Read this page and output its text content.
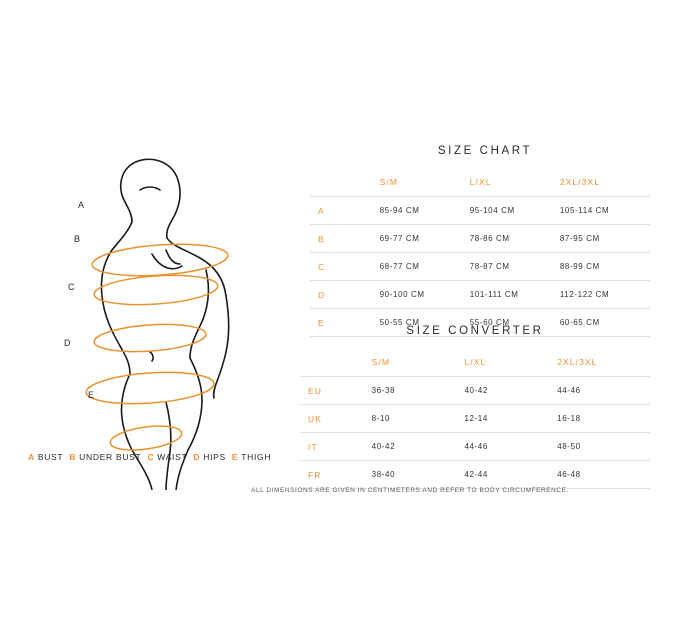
A
B
C
D
E
A BUST B UNDER BUST C WAIST D HIPS E THIGH
SIZE CHART
	S/M	L/XL	2XL/3XL
A	85-94 CM	95-104 CM	105-114 CM
B	69-77 CM	78-86 CM	87-95 CM
C	68-77 CM	78-87 CM	88-99 CM
D	90-100 CM	101-111 CM	112-122 CM
E	50-55 CM	55-60 CM	60-65 CM
SIZE CONVERTER
	S/M	L/XL	2XL/3XL
EU	36-38	40-42	44-46
UK	8-10	12-14	16-18
IT	40-42	44-46	48-50
FR	38-40	42-44	46-48
ALL DIMENSIONS ARE GIVEN IN CENTIMETERS AND REFER TO BODY CIRCUMFERENCE.
